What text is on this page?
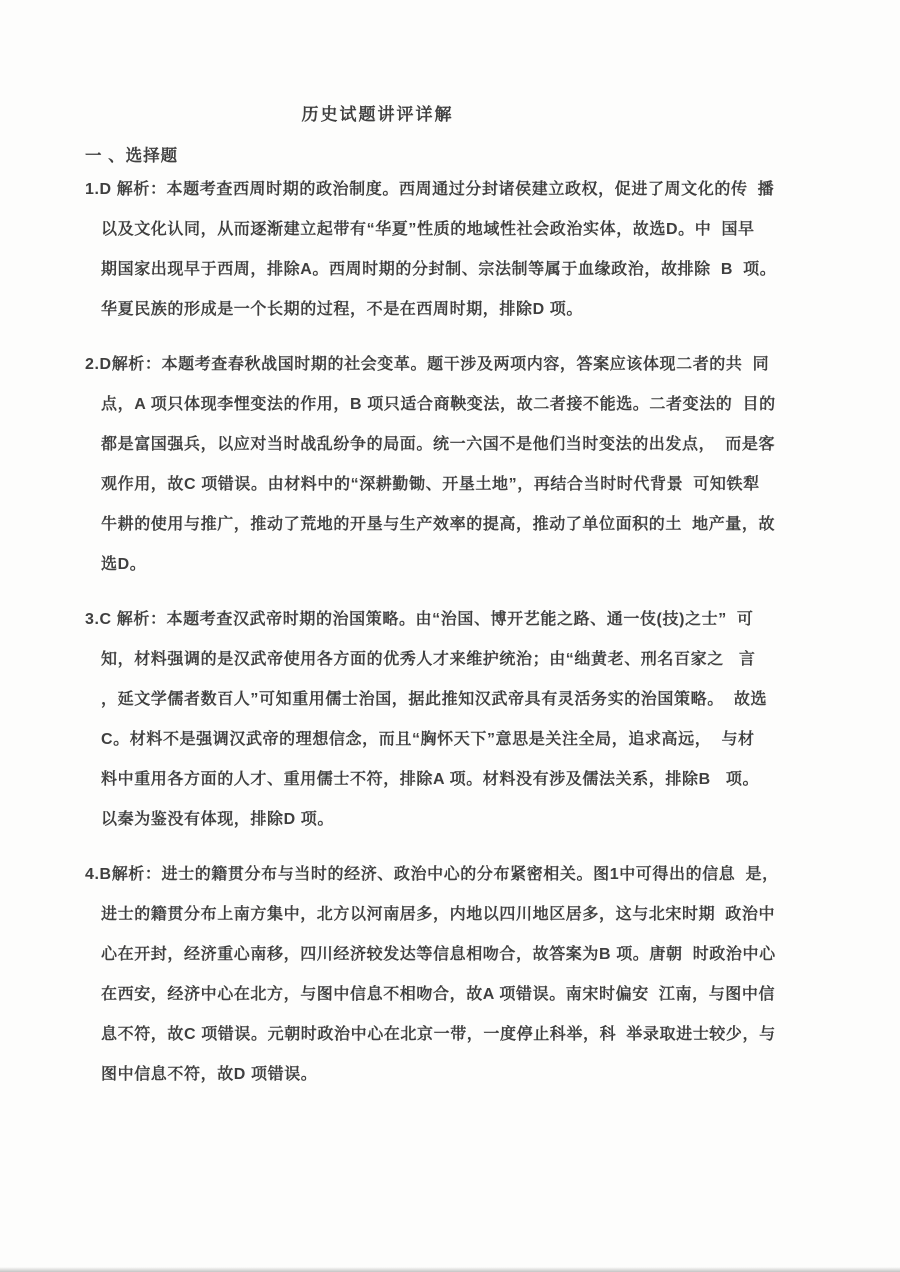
历史试题讲评详解
一 、选择题
1.D 解析：本题考查西周时期的政治制度。西周通过分封诸侯建立政权，促进了周文化的传  播
以及文化认同，从而逐渐建立起带有“华夏”性质的地域性社会政治实体，故选D。中  国早
期国家出现早于西周，排除A。西周时期的分封制、宗法制等属于血缘政治，故排除  B  项。
华夏民族的形成是一个长期的过程，不是在西周时期，排除D 项。
2.D解析：本题考查春秋战国时期的社会变革。题干涉及两项内容，答案应该体现二者的共  同
点，A 项只体现李悝变法的作用，B 项只适合商鞅变法，故二者接不能选。二者变法的  目的
都是富国强兵，以应对当时战乱纷争的局面。统一六国不是他们当时变法的出发点，  而是客
观作用，故C 项错误。由材料中的“深耕勤锄、开垦土地”，再结合当时时代背景  可知铁犁
牛耕的使用与推广，推动了荒地的开垦与生产效率的提高，推动了单位面积的土  地产量，故
选D。
3.C 解析：本题考查汉武帝时期的治国策略。由“治国、博开艺能之路、通一伎(技)之士”  可
知，材料强调的是汉武帝使用各方面的优秀人才来维护统治；由“绌黄老、刑名百家之   言
，延文学儒者数百人”可知重用儒士治国，据此推知汉武帝具有灵活务实的治国策略。  故选
C。材料不是强调汉武帝的理想信念，而且“胸怀天下”意思是关注全局，追求高远，  与材
料中重用各方面的人才、重用儒士不符，排除A 项。材料没有涉及儒法关系，排除B   项。
以秦为鉴没有体现，排除D 项。
4.B解析：进士的籍贯分布与当时的经济、政治中心的分布紧密相关。图1中可得出的信息  是，
进士的籍贯分布上南方集中，北方以河南居多，内地以四川地区居多，这与北宋时期  政治中
心在开封，经济重心南移，四川经济较发达等信息相吻合，故答案为B 项。唐朝  时政治中心
在西安，经济中心在北方，与图中信息不相吻合，故A 项错误。南宋时偏安  江南，与图中信
息不符，故C 项错误。元朝时政治中心在北京一带，一度停止科举，科  举录取进士较少，与
图中信息不符，故D 项错误。
